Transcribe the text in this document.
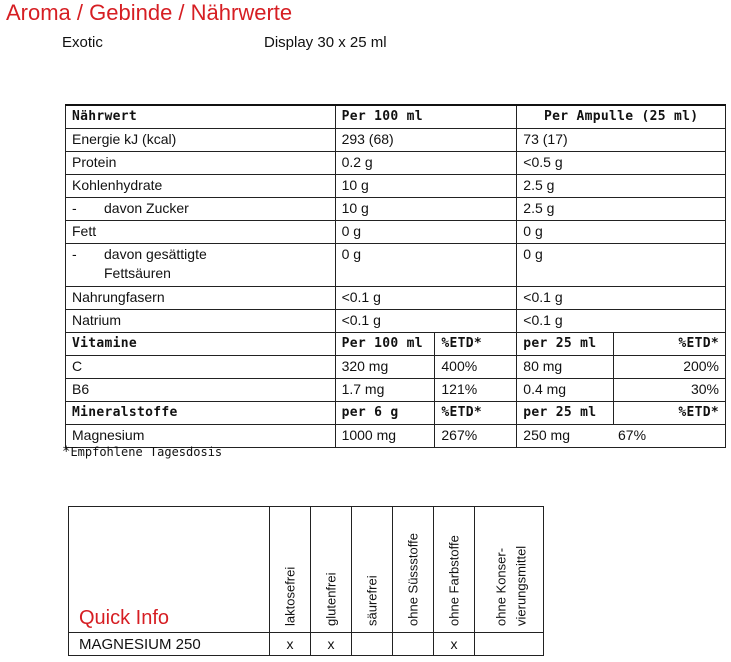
Aroma / Gebinde / Nährwerte
Exotic	Display 30 x 25 ml
Nährwert	Per 100 ml		Per Ampulle (25 ml)	
Energie kJ (kcal)	293 (68)		73 (17)	
Protein	0.2 g		<0.5 g	
Kohlenhydrate	10 g		2.5 g	
- davon Zucker	10 g		2.5 g	
Fett	0 g		0 g	
- davon gesättigte
Fettsäuren	0 g		0 g	
Nahrungfasern	<0.1 g		<0.1 g	
Natrium	<0.1 g		<0.1 g	
Vitamine	Per 100 ml	%ETD*	per 25 ml	%ETD*
C	320 mg	400%	80 mg	200%
B6	1.7 mg	121%	0.4 mg	30%
Mineralstoffe	per 6 g	%ETD*	per 25 ml	%ETD*
Magnesium	1000 mg	267%	250 mg 67%	
*Empfohlene Tagesdosis
Quick Info	laktosefrei	glutenfrei	säurefrei	ohne Süssstoffe	ohne Farbstoffe	ohne Konser- vierungsmittel

MAGNESIUM 250	x	x			x	
